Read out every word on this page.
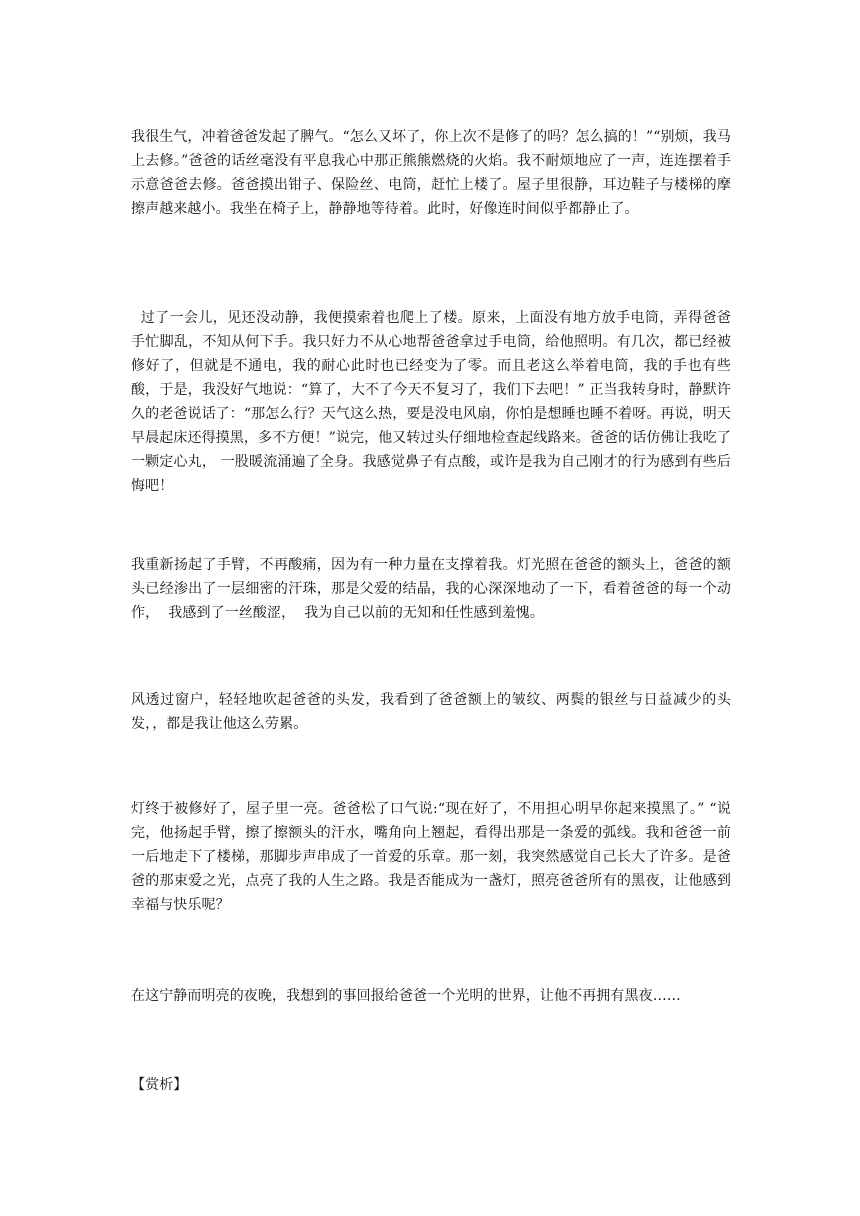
我很生气，冲着爸爸发起了脾气。“怎么又坏了，你上次不是修了的吗？怎么搞的！”“别烦，我马上去修。”爸爸的话丝毫没有平息我心中那正熊熊燃烧的火焰。我不耐烦地应了一声，连连摆着手示意爸爸去修。爸爸摸出钳子、保险丝、电筒，赶忙上楼了。屋子里很静，耳边鞋子与楼梯的摩擦声越来越小。我坐在椅子上，静静地等待着。此时，好像连时间似乎都静止了。

过了一会儿，见还没动静，我便摸索着也爬上了楼。原来，上面没有地方放手电筒，弄得爸爸手忙脚乱，不知从何下手。我只好力不从心地帮爸爸拿过手电筒，给他照明。有几次，都已经被修好了，但就是不通电，我的耐心此时也已经变为了零。而且老这么举着电筒，我的手也有些酸，于是，我没好气地说：“算了，大不了今天不复习了，我们下去吧！” 正当我转身时，静默许久的老爸说话了：“那怎么行？天气这么热，要是没电风扇，你怕是想睡也睡不着呀。再说，明天早晨起床还得摸黑，多不方便！”说完，他又转过头仔细地检查起线路来。爸爸的话仿佛让我吃了一颗定心丸， 一股暖流涌遍了全身。我感觉鼻子有点酸，或许是我为自己刚才的行为感到有些后悔吧！

我重新扬起了手臂，不再酸痛，因为有一种力量在支撑着我。灯光照在爸爸的额头上，爸爸的额头已经渗出了一层细密的汗珠，那是父爱的结晶，我的心深深地动了一下，看着爸爸的每一个动作，  我感到了一丝酸涩，  我为自己以前的无知和任性感到羞愧。

风透过窗户，轻轻地吹起爸爸的头发，我看到了爸爸额上的皱纹、两鬓的银丝与日益减少的头发，，都是我让他这么劳累。

灯终于被修好了，屋子里一亮。爸爸松了口气说:“现在好了，不用担心明早你起来摸黑了。” “说完，他扬起手臂，擦了擦额头的汗水，嘴角向上翘起，看得出那是一条爱的弧线。我和爸爸一前一后地走下了楼梯，那脚步声串成了一首爱的乐章。那一刻，我突然感觉自己长大了许多。是爸爸的那束爱之光，点亮了我的人生之路。我是否能成为一盏灯，照亮爸爸所有的黑夜，让他感到幸福与快乐呢？

在这宁静而明亮的夜晚，我想到的事回报给爸爸一个光明的世界，让他不再拥有黑夜……

【赏析】
